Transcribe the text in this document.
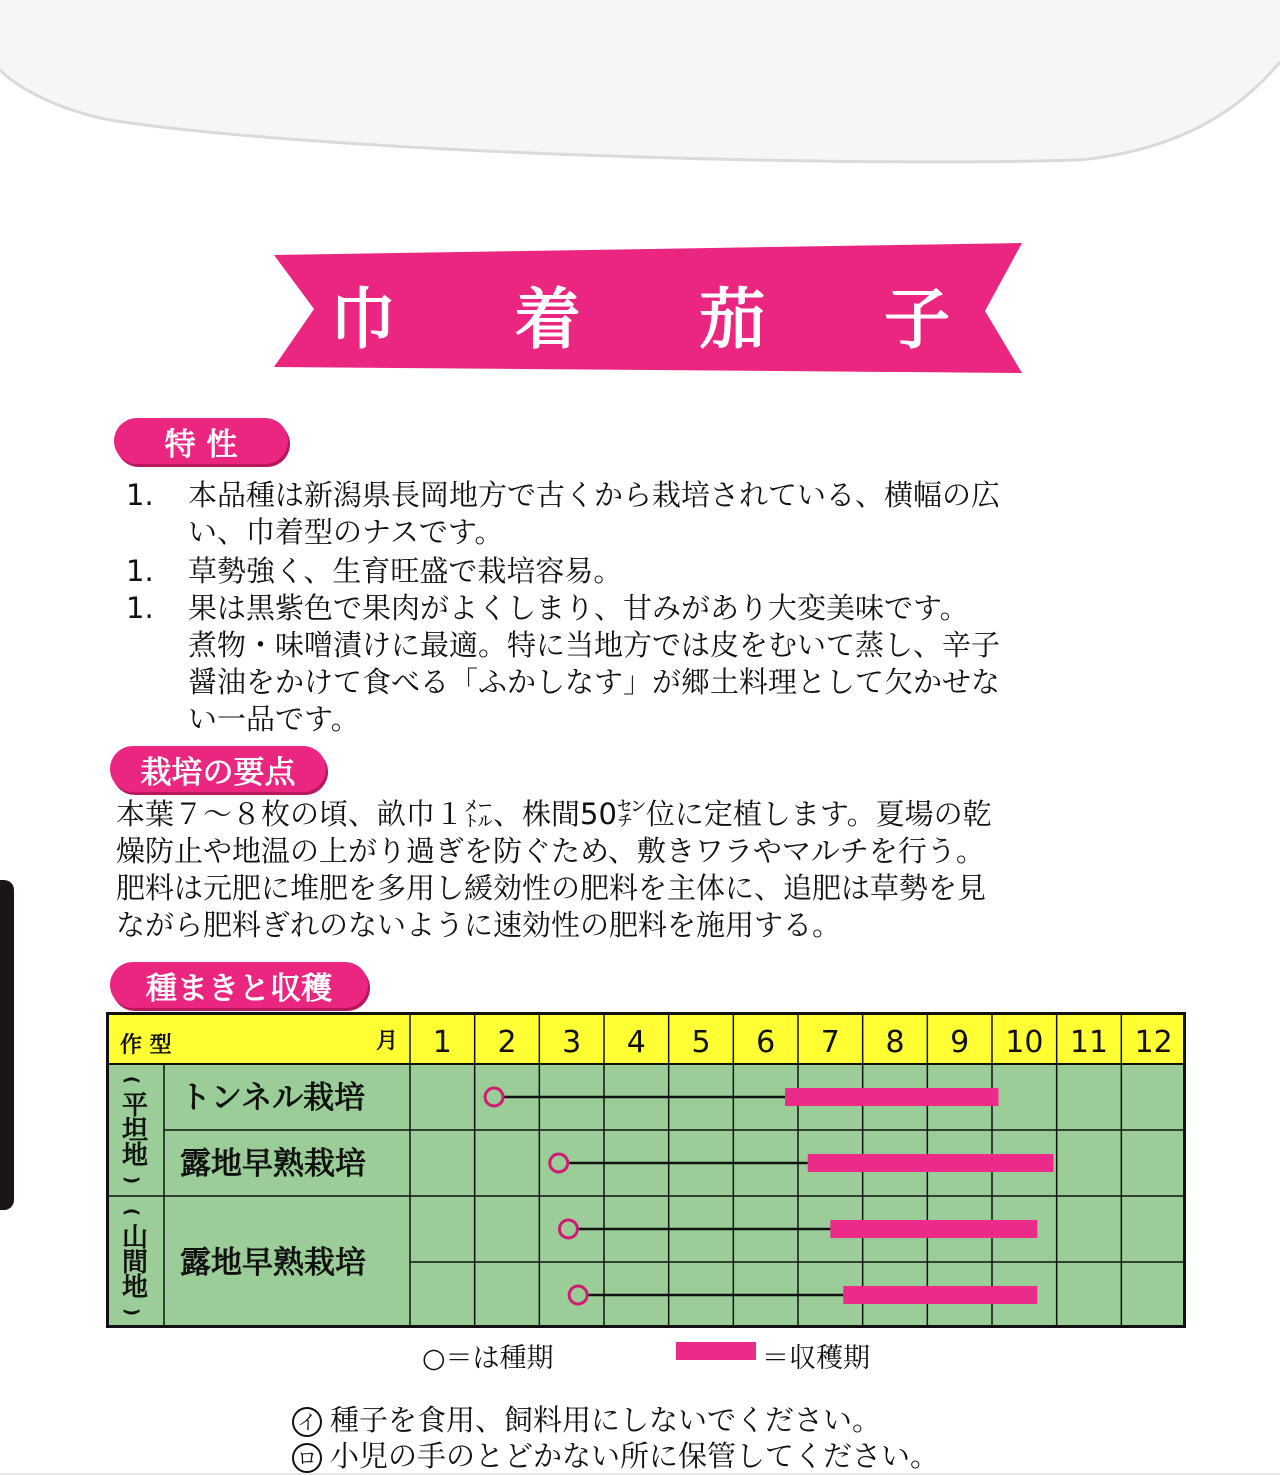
巾 着 茄 子
特 性
1. 本品種は新潟県長岡地方で古くから栽培されている、横幅の広
い、巾着型のナスです。
1. 草勢強く、生育旺盛で栽培容易。
1. 果は黒紫色で果肉がよくしまり、甘みがあり大変美味です。
煮物・味噌漬けに最適。特に当地方では皮をむいて蒸し、辛子
醤油をかけて食べる「ふかしなす」が郷土料理として欠かせな
い一品です。
栽培の要点
本葉７～８枚の頃、畝巾１㍍、株間50㌢位に定植します。夏場の乾
燥防止や地温の上がり過ぎを防ぐため、敷きワラやマルチを行う。
肥料は元肥に堆肥を多用し緩効性の肥料を主体に、追肥は草勢を見
ながら肥料ぎれのないように速効性の肥料を施用する。
種まきと収穫
作 型	月 1 2 3 4 5 6 7 8 9 10 11 12
(
平
坦
地
)
(
山
間
地
)
トンネル栽培
露地早熟栽培
露地早熟栽培
○＝は種期	＝収穫期
イ 種子を食用、飼料用にしないでください。
ロ 小児の手のとどかない所に保管してください。
